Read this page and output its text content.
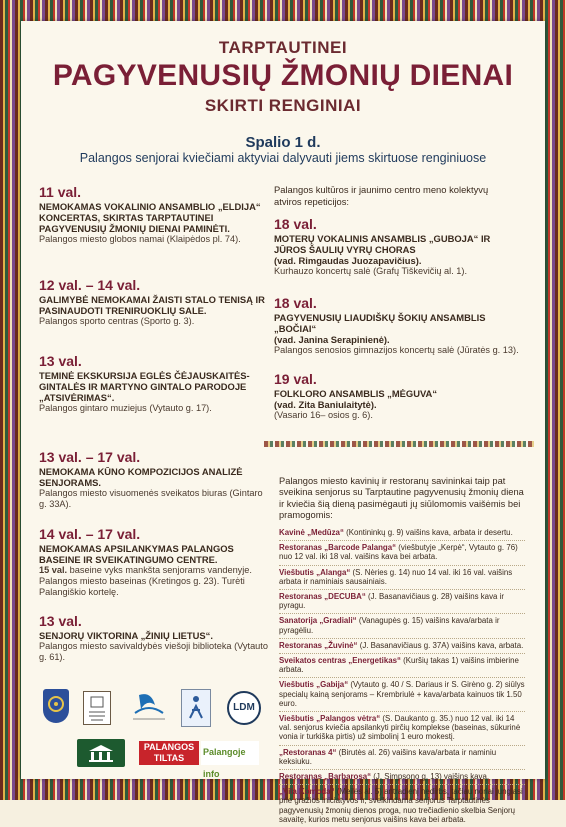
TARPTAUTINEI
PAGYVENUSIŲ ŽMONIŲ DIENAI
SKIRTI RENGINIAI
Spalio 1 d.
Palangos senjorai kviečiami aktyviai dalyvauti jiems skirtuose renginiuose
11 val.
NEMOKAMAS VOKALINIO ANSAMBLIO „ELDIJA“ KONCERTAS, SKIRTAS TARPTAUTINEI PAGYVENUSIŲ ŽMONIŲ DIENAI PAMINĖTI.
Palangos miesto globos namai (Klaipėdos pl. 74).
12 val. – 14 val.
GALIMYBĖ NEMOKAMAI ŽAISTI STALO TENISĄ IR PASINAUDOTI TRENIRUOKLIŲ SALE.
Palangos sporto centras (Sporto g. 3).
13 val.
TEMINĖ EKSKURSIJA EGLĖS ČĖJAUSKAITĖS-GINTALĖS IR MARTYNO GINTALO PARODOJE „ATSIVĖRIMAS“.
Palangos gintaro muziejus (Vytauto g. 17).
13 val. – 17 val.
NEMOKAMA KŪNO KOMPOZICIJOS ANALIZĖ SENJORAMS.
Palangos miesto visuomenės sveikatos biuras (Gintaro g. 33A).
14 val. – 17 val.
NEMOKAMAS APSILANKYMAS PALANGOS BASEINE IR SVEIKATINGUMO CENTRE.
15 val. baseine vyks mankšta senjorams vandenyje.
Palangos miesto baseinas (Kretingos g. 23). Turėti Palangiškio kortelę.
13 val.
SENJORŲ VIKTORINA „ŽINIŲ LIETUS“.
Palangos miesto savivaldybės viešoji biblioteka (Vytauto g. 61).
Palangos kultūros ir jaunimo centro meno kolektyvų atviros repeticijos:
18 val.
MOTERŲ VOKALINIS ANSAMBLIS „GUBOJA“ IR JŪROS ŠAULIŲ VYRŲ CHORAS
(vad. Rimgaudas Juozapavičius).
Kurhauzo koncertų salė (Grafų Tiškevičių al. 1).
18 val.
PAGYVENUSIŲ LIAUDIŠKŲ ŠOKIŲ ANSAMBLIS „BOČIAI“
(vad. Janina Serapinienė).
Palangos senosios gimnazijos koncertų salė (Jūratės g. 13).
19 val.
FOLKLORO ANSAMBLIS „MĖGUVA“
(vad. Zita Baniulaitytė).
(Vasario 16– osios g. 6).
Palangos miesto kavinių ir restoranų savininkai taip pat sveikina senjorus su Tarptautine pagyvenusių žmonių diena ir kviečia šią dieną pasimėgauti jų siūlomomis vaišėmis bei pramogomis:
Kavinė „Medūza“ (Kontininkų g. 9) vaišins kava, arbata ir desertu.
Restoranas „Barcode Palanga“ (viešbutyje „Kerpė“, Vytauto g. 76) nuo 12 val. iki 18 val. vaišins kava bei arbata.
Viešbutis „Alanga“ (S. Nėries g. 14) nuo 14 val. iki 16 val. vaišins arbata ir naminiais sausainiais.
Restoranas „DECUBA“ (J. Basanavičiaus g. 28) vaišins kava ir pyragu.
Sanatorija „Gradiali“ (Vanagupės g. 15) vaišins kava/arbata ir pyragėliu.
Restoranas „Žuvinė“ (J. Basanavičiaus g. 37A) vaišins kava, arbata.
Sveikatos centras „Energetikas“ (Kuršių takas 1) vaišins imbierine arbata.
Viešbutis „Gabija“ (Vytauto g. 40 / S. Dariaus ir S. Girėno g. 2) siūlys specialų kainą senjorams – Krembriulė + kava/arbata kainuos tik 1.50 euro.
Viešbutis „Palangos vėtra“ (S. Daukanto g. 35.) nuo 12 val. iki 14 val. senjorus kviečia apsilankyti pirčių komplekse (baseinas, sūkurinė vonia ir turkiška pirtis) už simbolinį 1 euro mokestį.
„Restoranas 4“ (Birutės al. 26) vaišins kava/arbata ir naminiu keksiuku.
Restoranas „Barbarosa“ (J. Simpsono g. 13) vaišins kava.
„Vila Komoda“ (Meilės al. 5) antradienį nedirbs, tačiau noriai jungiasi prie gražios iniciatyvos ir, sveikindama senjorus Tarptautinės pagyvenusių žmonių dienos proga, nuo trečiadienio skelbia Senjorų savaitę, kurios metu senjorus vaišins kava bei arbata.
LDM
PALANGOS TILTAS
Palangoje info
